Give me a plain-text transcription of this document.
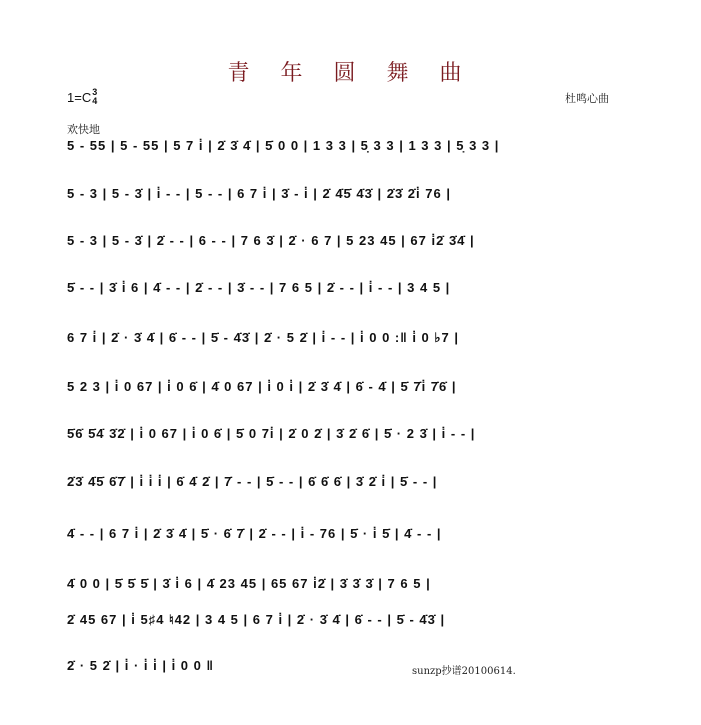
青 年 圆 舞 曲
1=C 3
4	杜鸣心曲
欢快地
5 - 55 | 5 - 55 | 5 7 i̇ | 2̇ 3̇ 4̇ | 5̇ 0 0 | 1 3 3 | 5̣ 3 3 | 1 3 3 | 5̣ 3 3 |
5 - 3 | 5 - 3̇ | i̇ - - | 5 - - | 6 7 i̇ | 3̇ - i̇ | 2̇ 4̇5̇ 4̇3̇ | 2̇3̇ 2̇i̇ 76 |
5 - 3 | 5 - 3̇ | 2̇ - - | 6 - - | 7 6 3̇ | 2̇ · 6 7 | 5 23 45 | 67 i̇2̇ 3̇4̇ |
5̇ - - | 3̇ i̇ 6 | 4̇ - - | 2̇ - - | 3̇ - - | 7 6 5 | 2̇ - - | i̇ - - | 3 4 5 |
6 7 i̇ | 2̇ · 3̇ 4̇ | 6̇ - - | 5̇ - 4̇3̇ | 2̇ · 5 2̇ | i̇ - - | i̇ 0 0 :‖ i̇ 0 ♭7 |
5 2 3 | i̇ 0 67 | i̇ 0 6̇ | 4̇ 0 67 | i̇ 0 i̇ | 2̇ 3̇ 4̇ | 6̇ - 4̇ | 5̇ 7̇i̇ 7̇6̇ |
5̇6̇ 5̇4̇ 3̇2̇ | i̇ 0 67 | i̇ 0 6̇ | 5̇ 0 7i̇ | 2̇ 0 2̇ | 3̇ 2̇ 6̇ | 5̇ · 2 3̇ | i̇ - - |
2̇3̇ 4̇5̇ 6̇7̇ | i̇ i̇ i̇ | 6̇ 4̇ 2̇ | 7̇ - - | 5̇ - - | 6̇ 6̇ 6̇ | 3̇ 2̇ i̇ | 5̇ - - |
4̇ - - | 6 7 i̇ | 2̇ 3̇ 4̇ | 5̇ · 6̇ 7̇ | 2̇ - - | i̇ - 76 | 5̇ · i̇ 5̇ | 4̇ - - |
4̇ 0 0 | 5̇ 5̇ 5̇ | 3̇ i̇ 6 | 4̇ 23 45 | 65 67 i̇2̇ | 3̇ 3̇ 3̇ | 7 6 5 |
2̇ 45 67 | i̇ 5♯4 ♮42 | 3 4 5 | 6 7 i̇ | 2̇ · 3̇ 4̇ | 6̇ - - | 5̇ - 4̇3̇ |
2̇ · 5 2̇ | i̇ · i̇ i̇ | i̇ 0 0 ‖	sunzp抄谱20100614.
